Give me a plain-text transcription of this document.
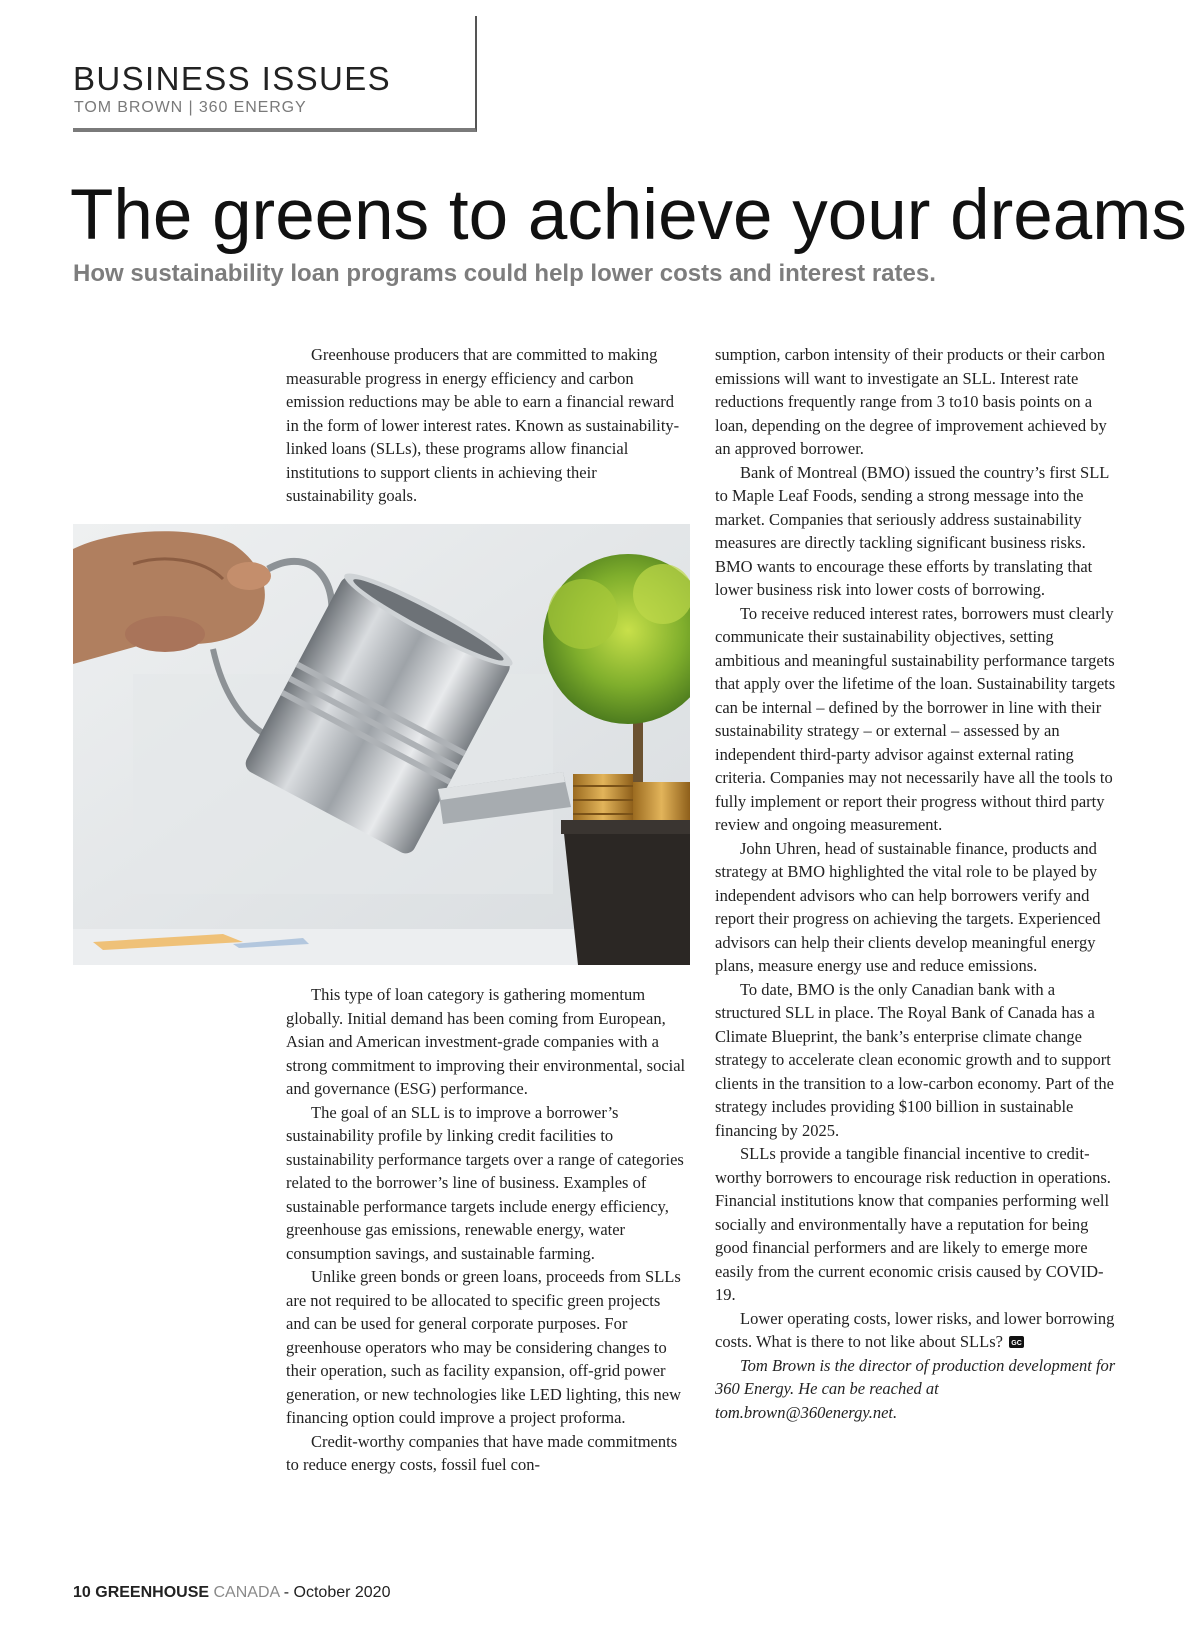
BUSINESS ISSUES
TOM BROWN | 360 ENERGY
The greens to achieve your dreams
How sustainability loan programs could help lower costs and interest rates.

Greenhouse producers that are committed to making measurable progress in energy efficiency and carbon emission reductions may be able to earn a financial reward in the form of lower interest rates. Known as sustainability-linked loans (SLLs), these programs allow financial institutions to support clients in achieving their sustainability goals.

This type of loan category is gathering momentum globally. Initial demand has been coming from European, Asian and American investment-grade companies with a strong commitment to improving their environmental, social and governance (ESG) performance.

The goal of an SLL is to improve a borrower’s sustainability profile by linking credit facilities to sustainability performance targets over a range of categories related to the borrower’s line of business. Examples of sustainable performance targets include energy efficiency, greenhouse gas emissions, renewable energy, water consumption savings, and sustainable farming.

Unlike green bonds or green loans, proceeds from SLLs are not required to be allocated to specific green projects and can be used for general corporate purposes. For greenhouse operators who may be considering changes to their operation, such as facility expansion, off-grid power generation, or new technologies like LED lighting, this new financing option could improve a project proforma.

Credit-worthy companies that have made commitments to reduce energy costs, fossil fuel con-

sumption, carbon intensity of their products or their carbon emissions will want to investigate an SLL. Interest rate reductions frequently range from 3 to10 basis points on a loan, depending on the degree of improvement achieved by an approved borrower.

Bank of Montreal (BMO) issued the country’s first SLL to Maple Leaf Foods, sending a strong message into the market. Companies that seriously address sustainability measures are directly tackling significant business risks. BMO wants to encourage these efforts by translating that lower business risk into lower costs of borrowing.

To receive reduced interest rates, borrowers must clearly communicate their sustainability objectives, setting ambitious and meaningful sustainability performance targets that apply over the lifetime of the loan. Sustainability targets can be internal – defined by the borrower in line with their sustainability strategy – or external – assessed by an independent third-party advisor against external rating criteria. Companies may not necessarily have all the tools to fully implement or report their progress without third party review and ongoing measurement.

John Uhren, head of sustainable finance, products and strategy at BMO highlighted the vital role to be played by independent advisors who can help borrowers verify and report their progress on achieving the targets. Experienced advisors can help their clients develop meaningful energy plans, measure energy use and reduce emissions.

To date, BMO is the only Canadian bank with a structured SLL in place. The Royal Bank of Canada has a Climate Blueprint, the bank’s enterprise climate change strategy to accelerate clean economic growth and to support clients in the transition to a low-carbon economy. Part of the strategy includes providing $100 billion in sustainable financing by 2025.

SLLs provide a tangible financial incentive to credit-worthy borrowers to encourage risk reduction in operations. Financial institutions know that companies performing well socially and environmentally have a reputation for being good financial performers and are likely to emerge more easily from the current economic crisis caused by COVID-19.

Lower operating costs, lower risks, and lower borrowing costs. What is there to not like about SLLs? GC

Tom Brown is the director of production development for 360 Energy. He can be reached at tom.brown@360energy.net.

10 GREENHOUSE CANADA - October 2020
